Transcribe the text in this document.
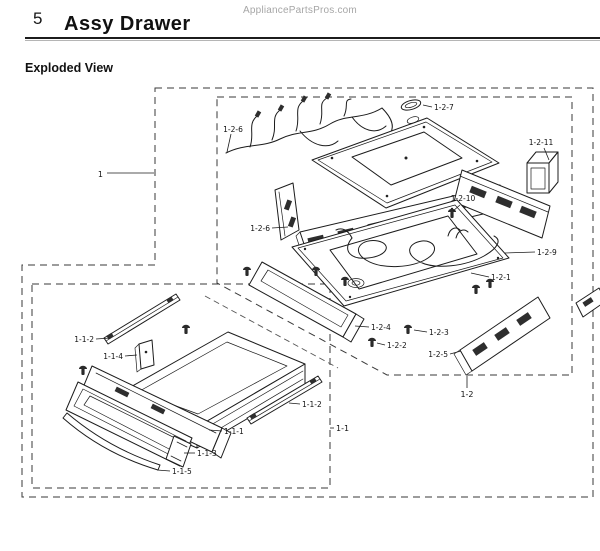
AppliancePartsPros.com
5 Assy Drawer
Exploded View
1
1-2
1-1
1-2-6
1-2-7
1-2-11
1-2-10
1-2-9
1-2-1
1-2-4
1-2-3
1-2-2
1-2-5
1-2-6
1-1-2
1-1-4
1-1-2
1-1-1
1-1-3
1-1-5
